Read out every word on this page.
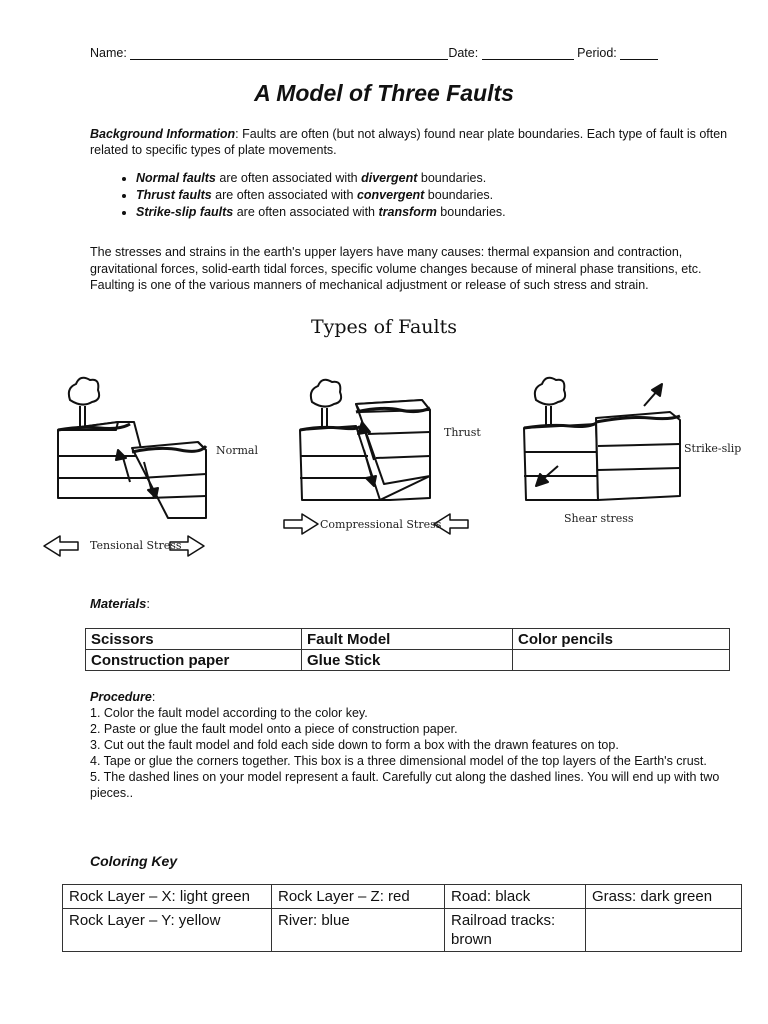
Name:	Date:	Period:
A Model of Three Faults
Background Information: Faults are often (but not always) found near plate boundaries. Each type of fault is often related to specific types of plate movements.
• Normal faults are often associated with divergent boundaries.
• Thrust faults are often associated with convergent boundaries.
• Strike-slip faults are often associated with transform boundaries.
The stresses and strains in the earth's upper layers have many causes: thermal expansion and contraction, gravitational forces, solid-earth tidal forces, specific volume changes because of mineral phase transitions, etc. Faulting is one of the various manners of mechanical adjustment or release of such stress and strain.
Types of Faults
Normal
Tensional Stress
Thrust
Compressional Stress
Strike-slip
Shear stress
Materials:
Scissors	Fault Model	Color pencils
Construction paper	Glue Stick	
Procedure:
1. Color the fault model according to the color key.
2. Paste or glue the fault model onto a piece of construction paper.
3. Cut out the fault model and fold each side down to form a box with the drawn features on top.
4. Tape or glue the corners together. This box is a three dimensional model of the top layers of the Earth's crust.
5. The dashed lines on your model represent a fault. Carefully cut along the dashed lines. You will end up with two pieces..
Coloring Key
Rock Layer – X: light green	Rock Layer – Z: red	Road: black	Grass: dark green
Rock Layer – Y: yellow	River: blue	Railroad tracks: brown	
